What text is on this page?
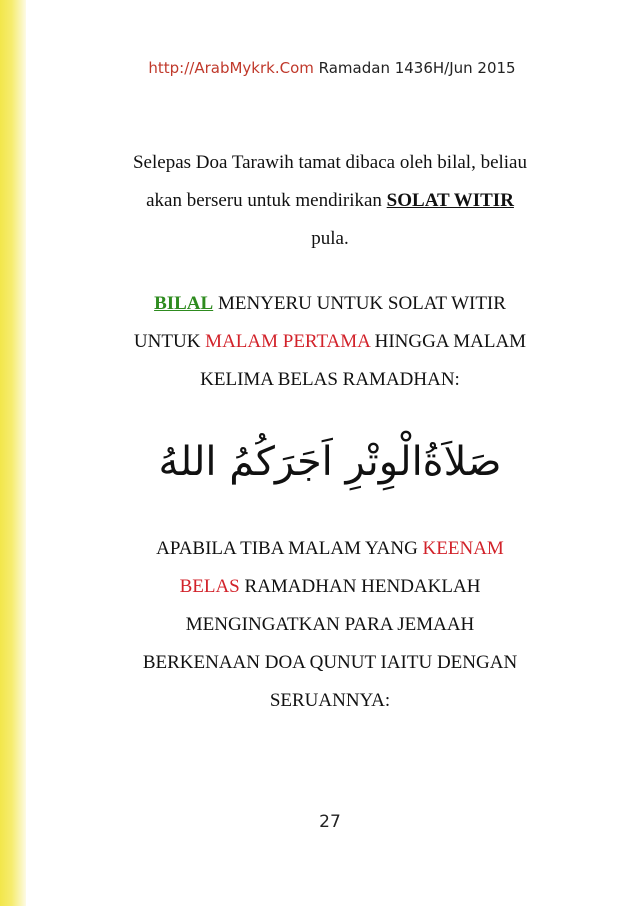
http://ArabMykrk.Com Ramadan 1436H/Jun 2015
Selepas Doa Tarawih tamat dibaca oleh bilal, beliau
akan berseru untuk mendirikan SOLAT WITIR
pula.
BILAL MENYERU UNTUK SOLAT WITIR
UNTUK MALAM PERTAMA HINGGA MALAM
KELIMA BELAS RAMADHAN:
صَلاَةُالْوِتْرِ اَجَرَكُمُ اللهُ
APABILA TIBA MALAM YANG KEENAM
BELAS RAMADHAN HENDAKLAH
MENGINGATKAN PARA JEMAAH
BERKENAAN DOA QUNUT IAITU DENGAN
SERUANNYA:
27
